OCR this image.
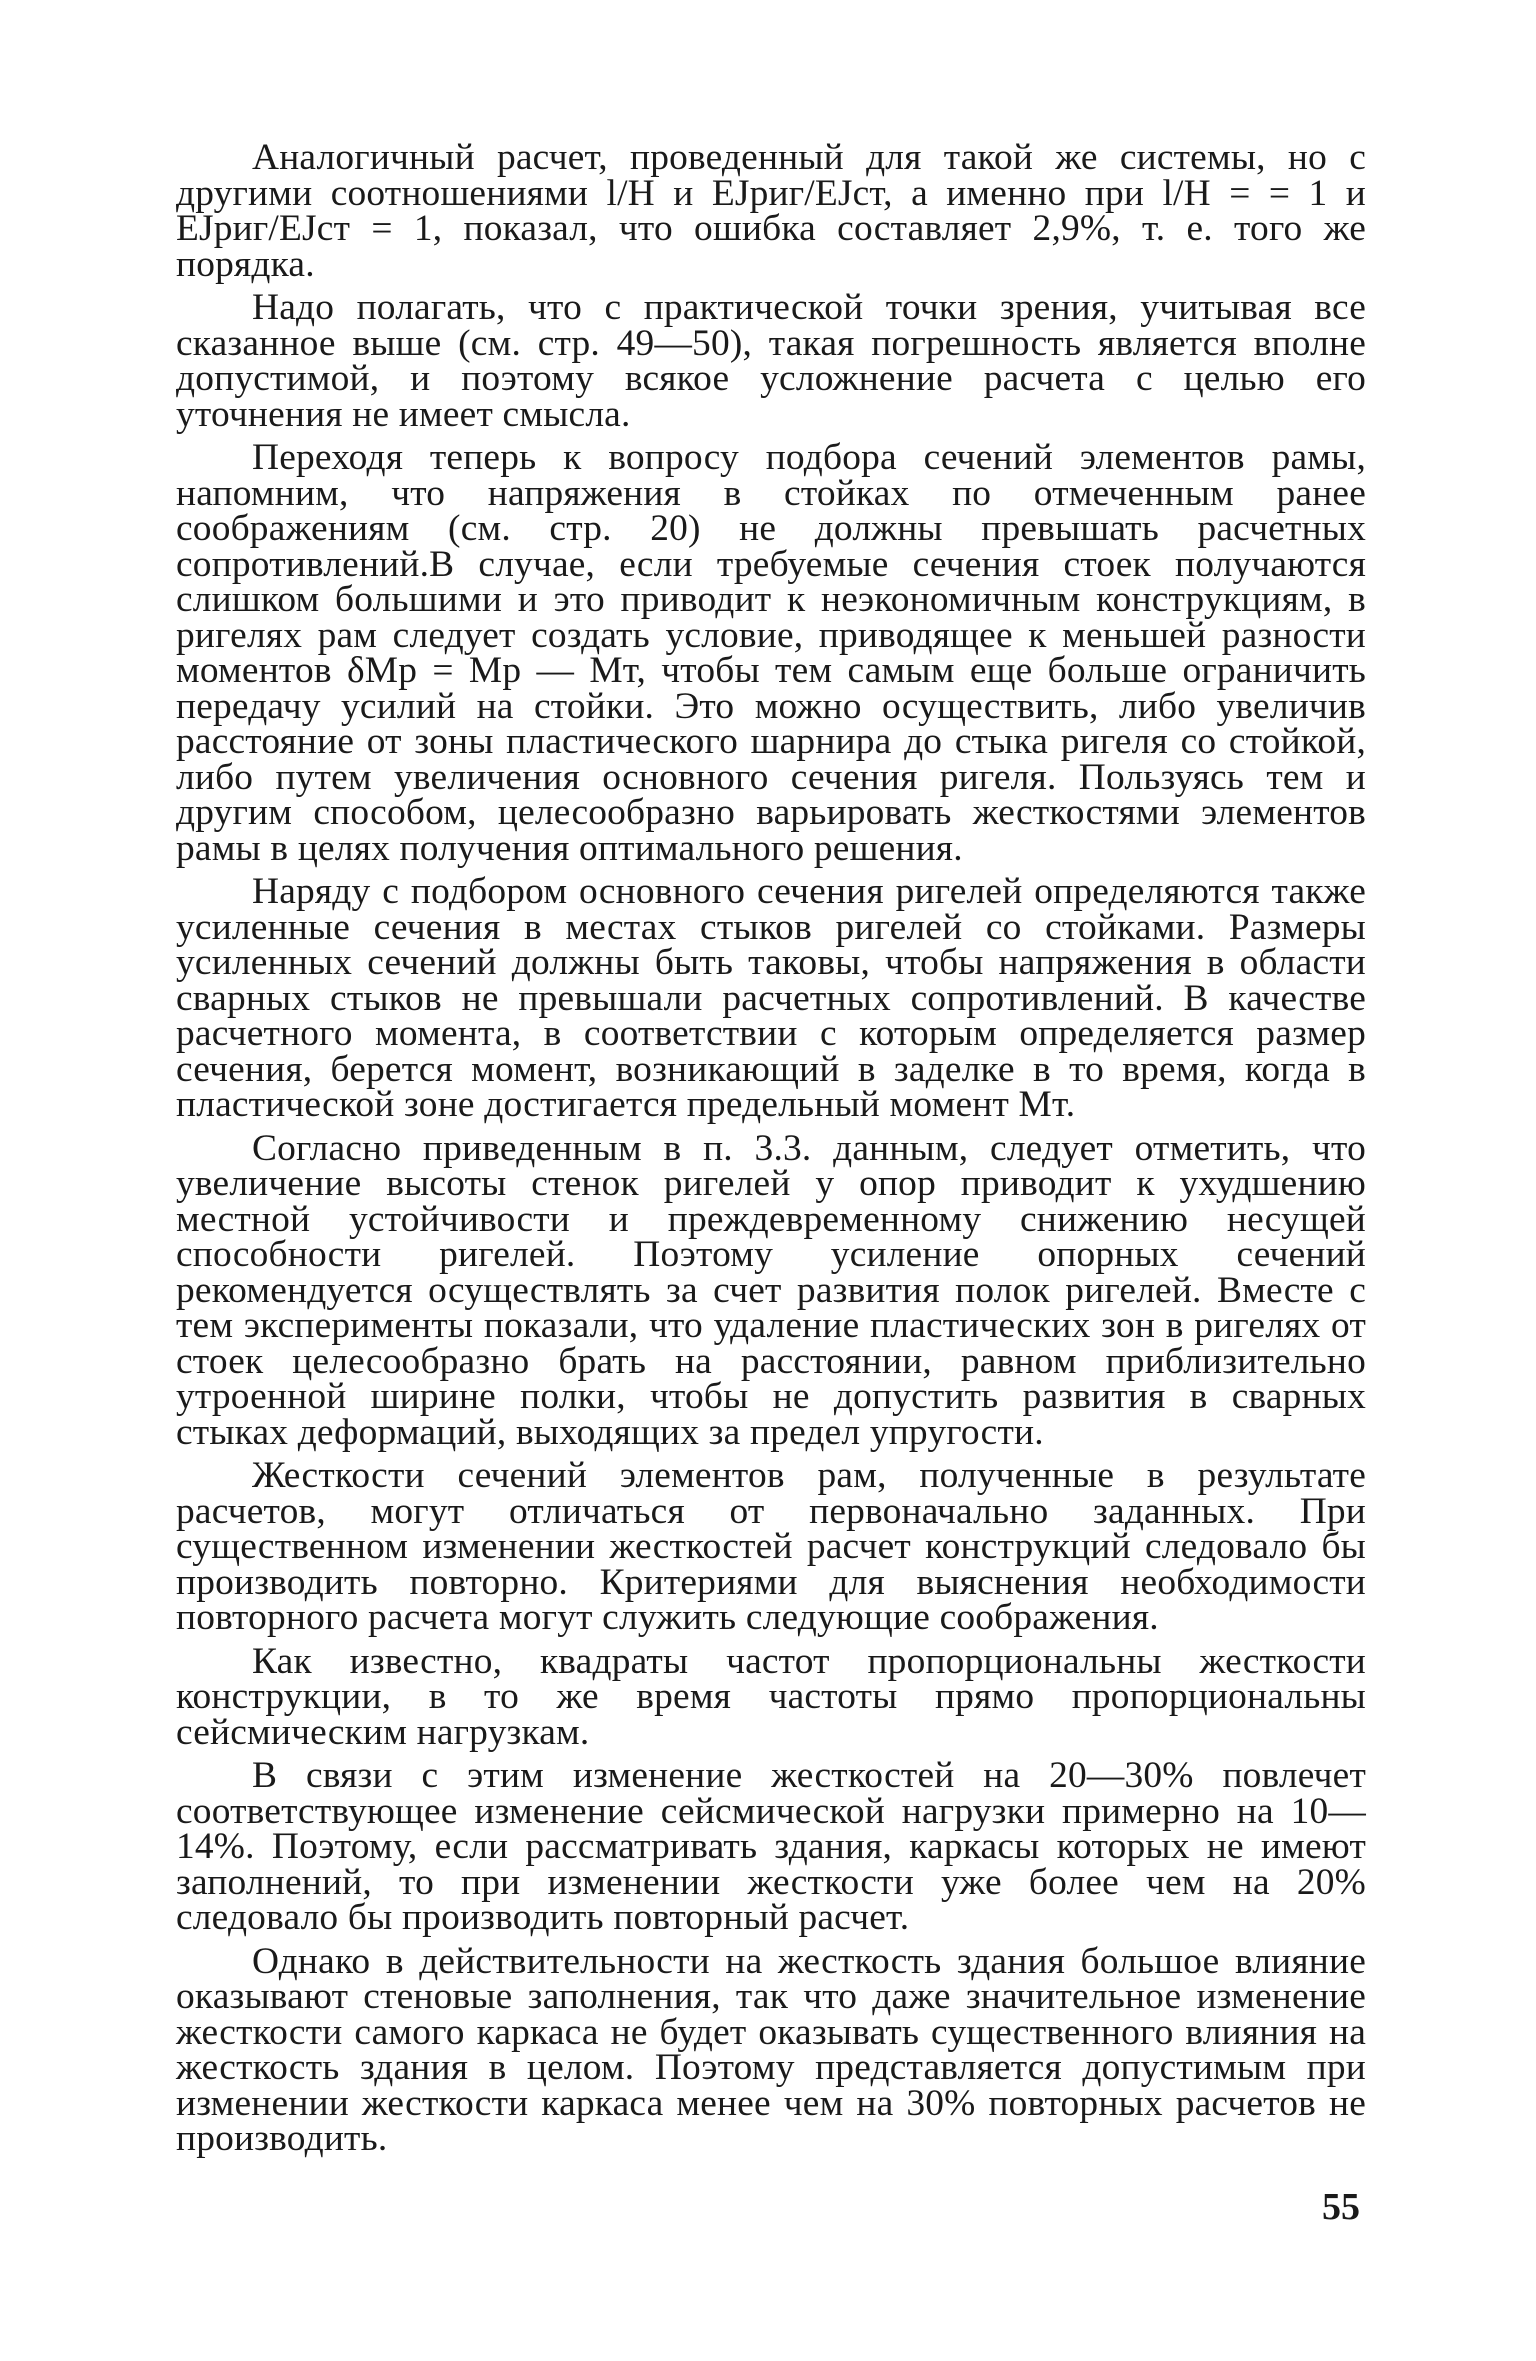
Аналогичный расчет, проведенный для такой же системы, но с другими соотношениями l/H и EJриг/EJст, а именно при l/H = = 1 и EJриг/EJст = 1, показал, что ошибка составляет 2,9%, т. е. того же порядка.

Надо полагать, что с практической точки зрения, учитывая все сказанное выше (см. стр. 49—50), такая погрешность является вполне допустимой, и поэтому всякое усложнение расчета с целью его уточнения не имеет смысла.

Переходя теперь к вопросу подбора сечений элементов рамы, напомним, что напряжения в стойках по отмеченным ранее соображениям (см. стр. 20) не должны превышать расчетных сопротивлений.В случае, если требуемые сечения стоек получаются слишком большими и это приводит к неэкономичным конструкциям, в ригелях рам следует создать условие, приводящее к меньшей разности моментов δMp = Mp — Mт, чтобы тем самым еще больше ограничить передачу усилий на стойки. Это можно осуществить, либо увеличив расстояние от зоны пластического шарнира до стыка ригеля со стойкой, либо путем увеличения основного сечения ригеля. Пользуясь тем и другим способом, целесообразно варьировать жесткостями элементов рамы в целях получения оптимального решения.

Наряду с подбором основного сечения ригелей определяются также усиленные сечения в местах стыков ригелей со стойками. Размеры усиленных сечений должны быть таковы, чтобы напряжения в области сварных стыков не превышали расчетных сопротивлений. В качестве расчетного момента, в соответствии с которым определяется размер сечения, берется момент, возникающий в заделке в то время, когда в пластической зоне достигается предельный момент Mт.

Согласно приведенным в п. 3.3. данным, следует отметить, что увеличение высоты стенок ригелей у опор приводит к ухудшению местной устойчивости и преждевременному снижению несущей способности ригелей. Поэтому усиление опорных сечений рекомендуется осуществлять за счет развития полок ригелей. Вместе с тем эксперименты показали, что удаление пластических зон в ригелях от стоек целесообразно брать на расстоянии, равном приблизительно утроенной ширине полки, чтобы не допустить развития в сварных стыках деформаций, выходящих за предел упругости.

Жесткости сечений элементов рам, полученные в результате расчетов, могут отличаться от первоначально заданных. При существенном изменении жесткостей расчет конструкций следовало бы производить повторно. Критериями для выяснения необходимости повторного расчета могут служить следующие соображения.

Как известно, квадраты частот пропорциональны жесткости конструкции, в то же время частоты прямо пропорциональны сейсмическим нагрузкам.

В связи с этим изменение жесткостей на 20—30% повлечет соответствующее изменение сейсмической нагрузки примерно на 10—14%. Поэтому, если рассматривать здания, каркасы которых не имеют заполнений, то при изменении жесткости уже более чем на 20% следовало бы производить повторный расчет.

Однако в действительности на жесткость здания большое влияние оказывают стеновые заполнения, так что даже значительное изменение жесткости самого каркаса не будет оказывать существенного влияния на жесткость здания в целом. Поэтому представляется допустимым при изменении жесткости каркаса менее чем на 30% повторных расчетов не производить.

55
